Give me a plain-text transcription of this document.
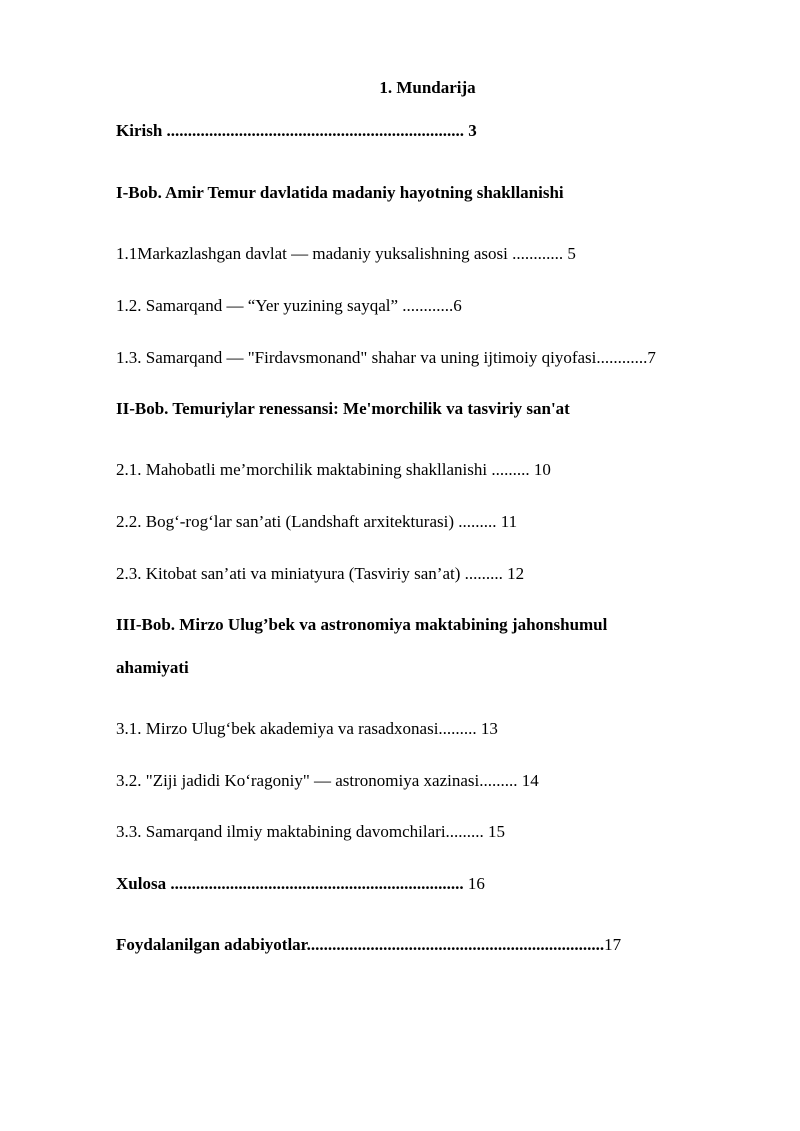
1. Mundarija
Kirish ...................................................................... 3
I-Bob. Amir Temur davlatida madaniy hayotning shakllanishi
1.1Markazlashgan davlat — madaniy yuksalishning asosi ............ 5
1.2. Samarqand — “Yer yuzining sayqal” ............6
1.3. Samarqand — "Firdavsmonand" shahar va uning ijtimoiy qiyofasi............7
II-Bob. Temuriylar renessansi: Me'morchilik va tasviriy san'at
2.1. Mahobatli me’morchilik maktabining shakllanishi ......... 10
2.2. Bog‘-rog‘lar san’ati (Landshaft arxitekturasi) ......... 11
2.3. Kitobat san’ati va miniatyura (Tasviriy san’at) ......... 12
III-Bob. Mirzo Ulug’bek va astronomiya maktabining jahonshumul
ahamiyati
3.1. Mirzo Ulug‘bek akademiya va rasadxonasi......... 13
3.2. "Ziji jadidi Ko‘ragoniy" — astronomiya xazinasi......... 14
3.3. Samarqand ilmiy maktabining davomchilari......... 15
Xulosa ..................................................................... 16
Foydalanilgan adabiyotlar......................................................................17
